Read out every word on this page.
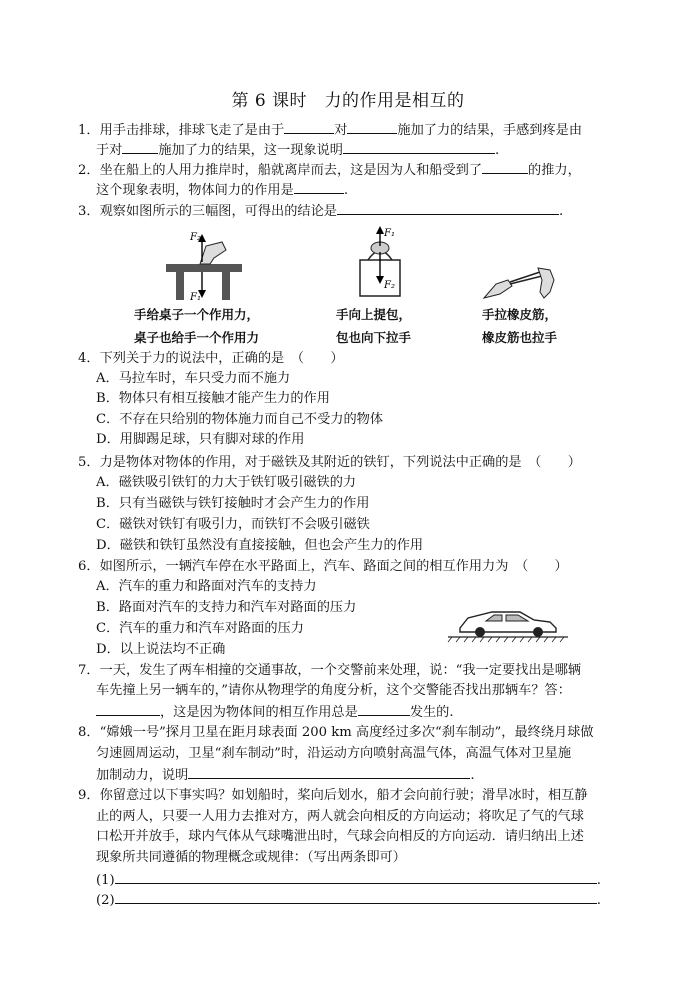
第 6 课时　力的作用是相互的
1．用手击排球，排球飞走了是由于	对	施加了力的结果，手感到疼是由
于对	施加了力的结果，这一现象说明	.
2．坐在船上的人用力推岸时，船就离岸而去，这是因为人和船受到了	的推力，
这个现象表明，物体间力的作用是	.
3．观察如图所示的三幅图，可得出的结论是	.
F₂
F₁
F₁
F₂
手给桌子一个作用力，
桌子也给手一个作用力
手向上提包，
包也向下拉手
手拉橡皮筋，
橡皮筋也拉手
4．下列关于力的说法中，正确的是　（　　）
A．马拉车时，车只受力而不施力
B．物体只有相互接触才能产生力的作用
C．不存在只给别的物体施力而自己不受力的物体
D．用脚踢足球，只有脚对球的作用
5．力是物体对物体的作用，对于磁铁及其附近的铁钉，下列说法中正确的是　（　　）
A．磁铁吸引铁钉的力大于铁钉吸引磁铁的力
B．只有当磁铁与铁钉接触时才会产生力的作用
C．磁铁对铁钉有吸引力，而铁钉不会吸引磁铁
D．磁铁和铁钉虽然没有直接接触，但也会产生力的作用
6．如图所示，一辆汽车停在水平路面上，汽车、路面之间的相互作用力为　（　　）
A．汽车的重力和路面对汽车的支持力
B．路面对汽车的支持力和汽车对路面的压力
C．汽车的重力和汽车对路面的压力
D．以上说法均不正确
7．一天，发生了两车相撞的交通事故，一个交警前来处理，说：“我一定要找出是哪辆
车先撞上另一辆车的，”请你从物理学的角度分析，这个交警能否找出那辆车？答：
，这是因为物体间的相互作用总是	发生的.
8．“嫦娥一号”探月卫星在距月球表面 200 km 高度经过多次“刹车制动”，最终绕月球做
匀速圆周运动，卫星“刹车制动”时，沿运动方向喷射高温气体，高温气体对卫星施
加制动力，说明	.
9．你留意过以下事实吗？如划船时，桨向后划水，船才会向前行驶；滑旱冰时，相互静
止的两人，只要一人用力去推对方，两人就会向相反的方向运动；将吹足了气的气球
口松开并放手，球内气体从气球嘴泄出时，气球会向相反的方向运动．请归纳出上述
现象所共同遵循的物理概念或规律：（写出两条即可）
(1)	.
(2)	.
